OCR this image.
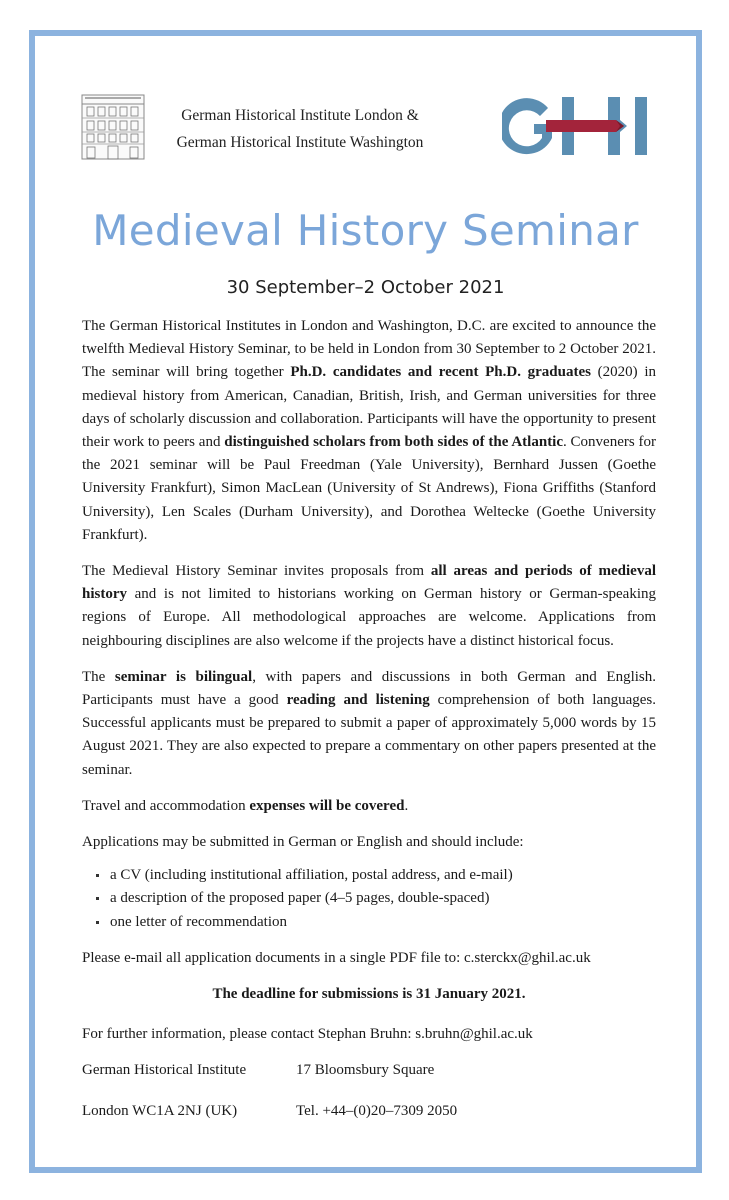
German Historical Institute London &
German Historical Institute Washington
Medieval History Seminar
30 September–2 October 2021

The German Historical Institutes in London and Washington, D.C. are excited to announce the twelfth Medieval History Seminar, to be held in London from 30 September to 2 October 2021. The seminar will bring together Ph.D. candidates and recent Ph.D. graduates (2020) in medieval history from American, Canadian, British, Irish, and German universities for three days of scholarly discussion and collaboration. Participants will have the opportunity to present their work to peers and distinguished scholars from both sides of the Atlantic. Conveners for the 2021 seminar will be Paul Freedman (Yale University), Bernhard Jussen (Goethe University Frankfurt), Simon MacLean (University of St Andrews), Fiona Griffiths (Stanford University), Len Scales (Durham University), and Dorothea Weltecke (Goethe University Frankfurt).

The Medieval History Seminar invites proposals from all areas and periods of medieval history and is not limited to historians working on German history or German-speaking regions of Europe. All methodological approaches are welcome. Applications from neighbouring disciplines are also welcome if the projects have a distinct historical focus.

The seminar is bilingual, with papers and discussions in both German and English. Participants must have a good reading and listening comprehension of both languages. Successful applicants must be prepared to submit a paper of approximately 5,000 words by 15 August 2021. They are also expected to prepare a commentary on other papers presented at the seminar.

Travel and accommodation expenses will be covered.

Applications may be submitted in German or English and should include:

a CV (including institutional affiliation, postal address, and e-mail)
a description of the proposed paper (4–5 pages, double-spaced)
one letter of recommendation

Please e-mail all application documents in a single PDF file to: c.sterckx@ghil.ac.uk

The deadline for submissions is 31 January 2021.

For further information, please contact Stephan Bruhn: s.bruhn@ghil.ac.uk

German Historical Institute	17 Bloomsbury Square
London WC1A 2NJ (UK)	Tel. +44–(0)20–7309 2050
